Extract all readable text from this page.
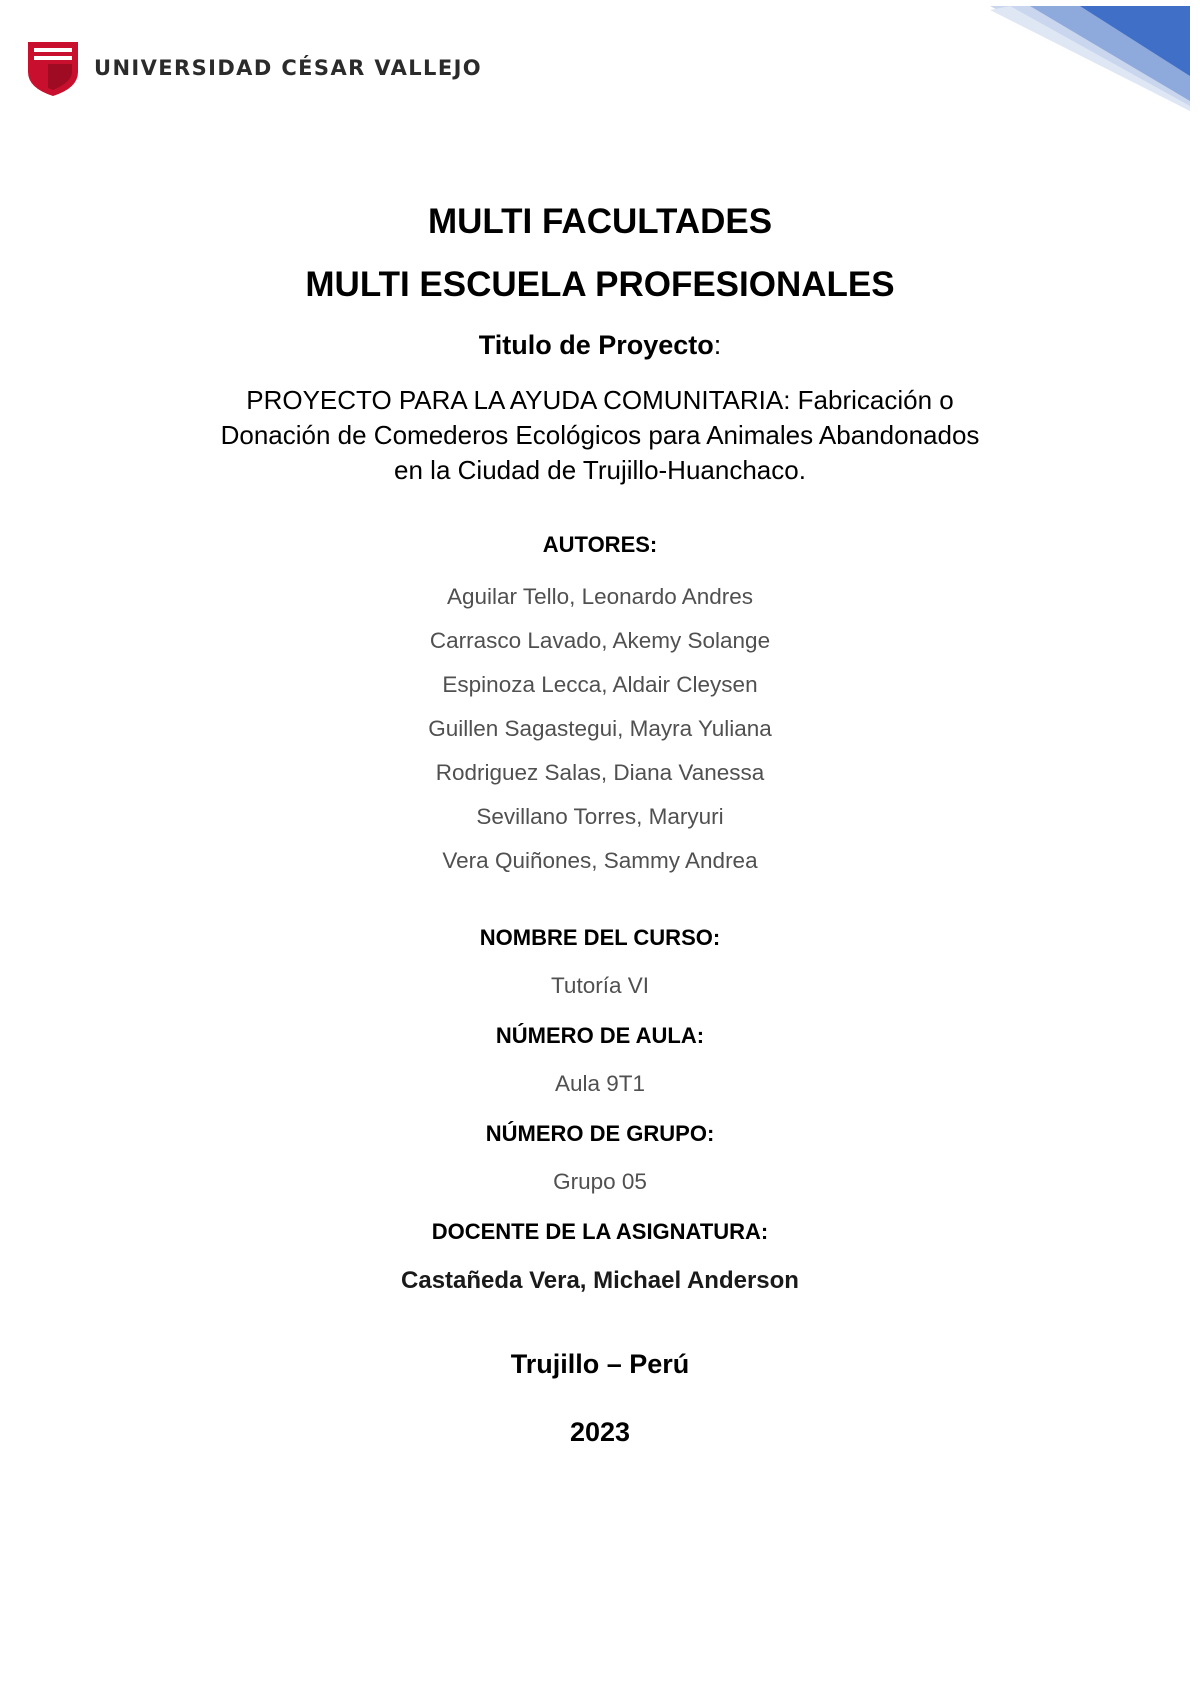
UNIVERSIDAD CÉSAR VALLEJO
MULTI FACULTADES
MULTI ESCUELA PROFESIONALES
Titulo de Proyecto:
PROYECTO PARA LA AYUDA COMUNITARIA: Fabricación o
Donación de Comederos Ecológicos para Animales Abandonados
en la Ciudad de Trujillo-Huanchaco.
AUTORES:
Aguilar Tello, Leonardo Andres
Carrasco Lavado, Akemy Solange
Espinoza Lecca, Aldair Cleysen
Guillen Sagastegui, Mayra Yuliana
Rodriguez Salas, Diana Vanessa
Sevillano Torres, Maryuri
Vera Quiñones, Sammy Andrea
NOMBRE DEL CURSO:
Tutoría VI
NÚMERO DE AULA:
Aula 9T1
NÚMERO DE GRUPO:
Grupo 05
DOCENTE DE LA ASIGNATURA:
Castañeda Vera, Michael Anderson
Trujillo – Perú
2023
